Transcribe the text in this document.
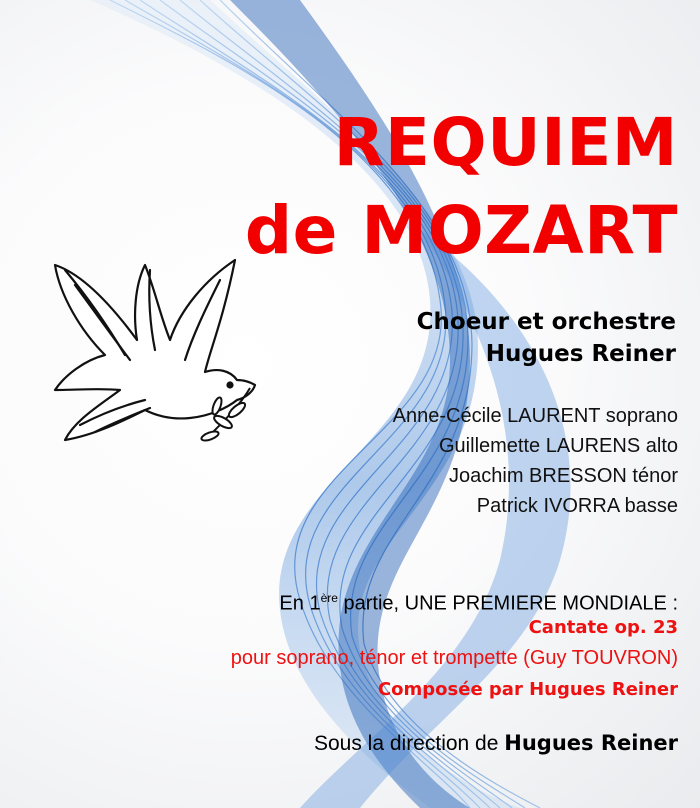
REQUIEM
de MOZART
Choeur et orchestre
Hugues Reiner
Anne-Cécile LAURENT soprano
Guillemette LAURENS alto
Joachim BRESSON ténor
Patrick IVORRA basse
En 1ère partie, UNE PREMIERE MONDIALE :
Cantate op. 23
pour soprano, ténor et trompette (Guy TOUVRON)
Composée par Hugues Reiner
Sous la direction de Hugues Reiner
